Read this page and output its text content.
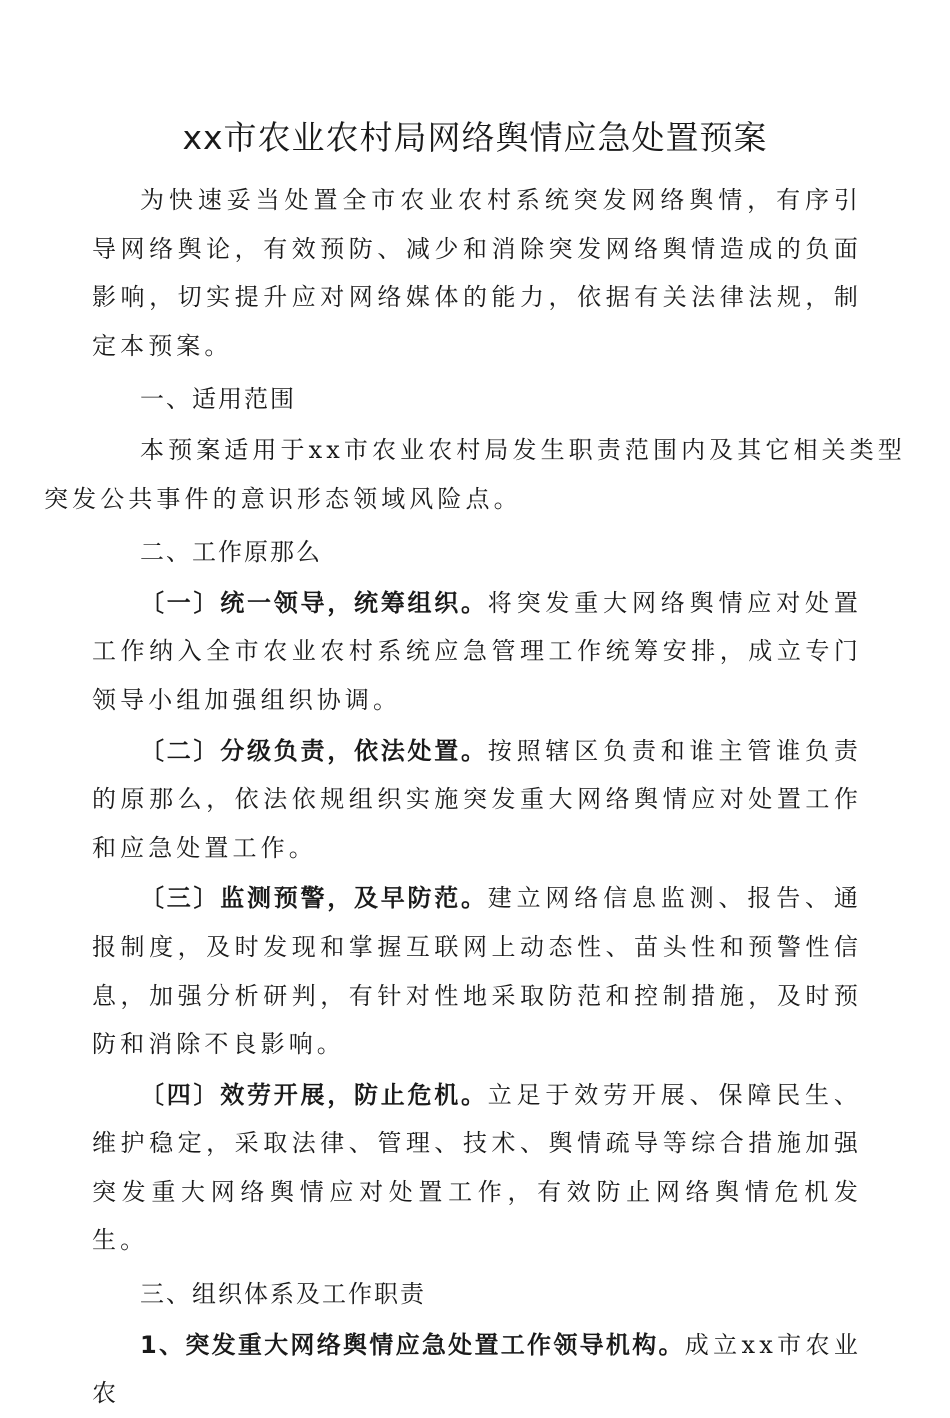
xx市农业农村局网络舆情应急处置预案

为快速妥当处置全市农业农村系统突发网络舆情，有序引导网络舆论，有效预防、减少和消除突发网络舆情造成的负面影响，切实提升应对网络媒体的能力，依据有关法律法规，制定本预案。

一、适用范围

本预案适用于xx市农业农村局发生职责范围内及其它相关类型
突发公共事件的意识形态领域风险点。

二、工作原那么

〔一〕统一领导，统筹组织。将突发重大网络舆情应对处置工作纳入全市农业农村系统应急管理工作统筹安排，成立专门领导小组加强组织协调。

〔二〕分级负责，依法处置。按照辖区负责和谁主管谁负责的原那么，依法依规组织实施突发重大网络舆情应对处置工作和应急处置工作。

〔三〕监测预警，及早防范。建立网络信息监测、报告、通报制度，及时发现和掌握互联网上动态性、苗头性和预警性信息，加强分析研判，有针对性地采取防范和控制措施，及时预防和消除不良影响。

〔四〕效劳开展，防止危机。立足于效劳开展、保障民生、维护稳定，采取法律、管理、技术、舆情疏导等综合措施加强突发重大网络舆情应对处置工作，有效防止网络舆情危机发生。

三、组织体系及工作职责

1、突发重大网络舆情应急处置工作领导机构。成立xx市农业农
